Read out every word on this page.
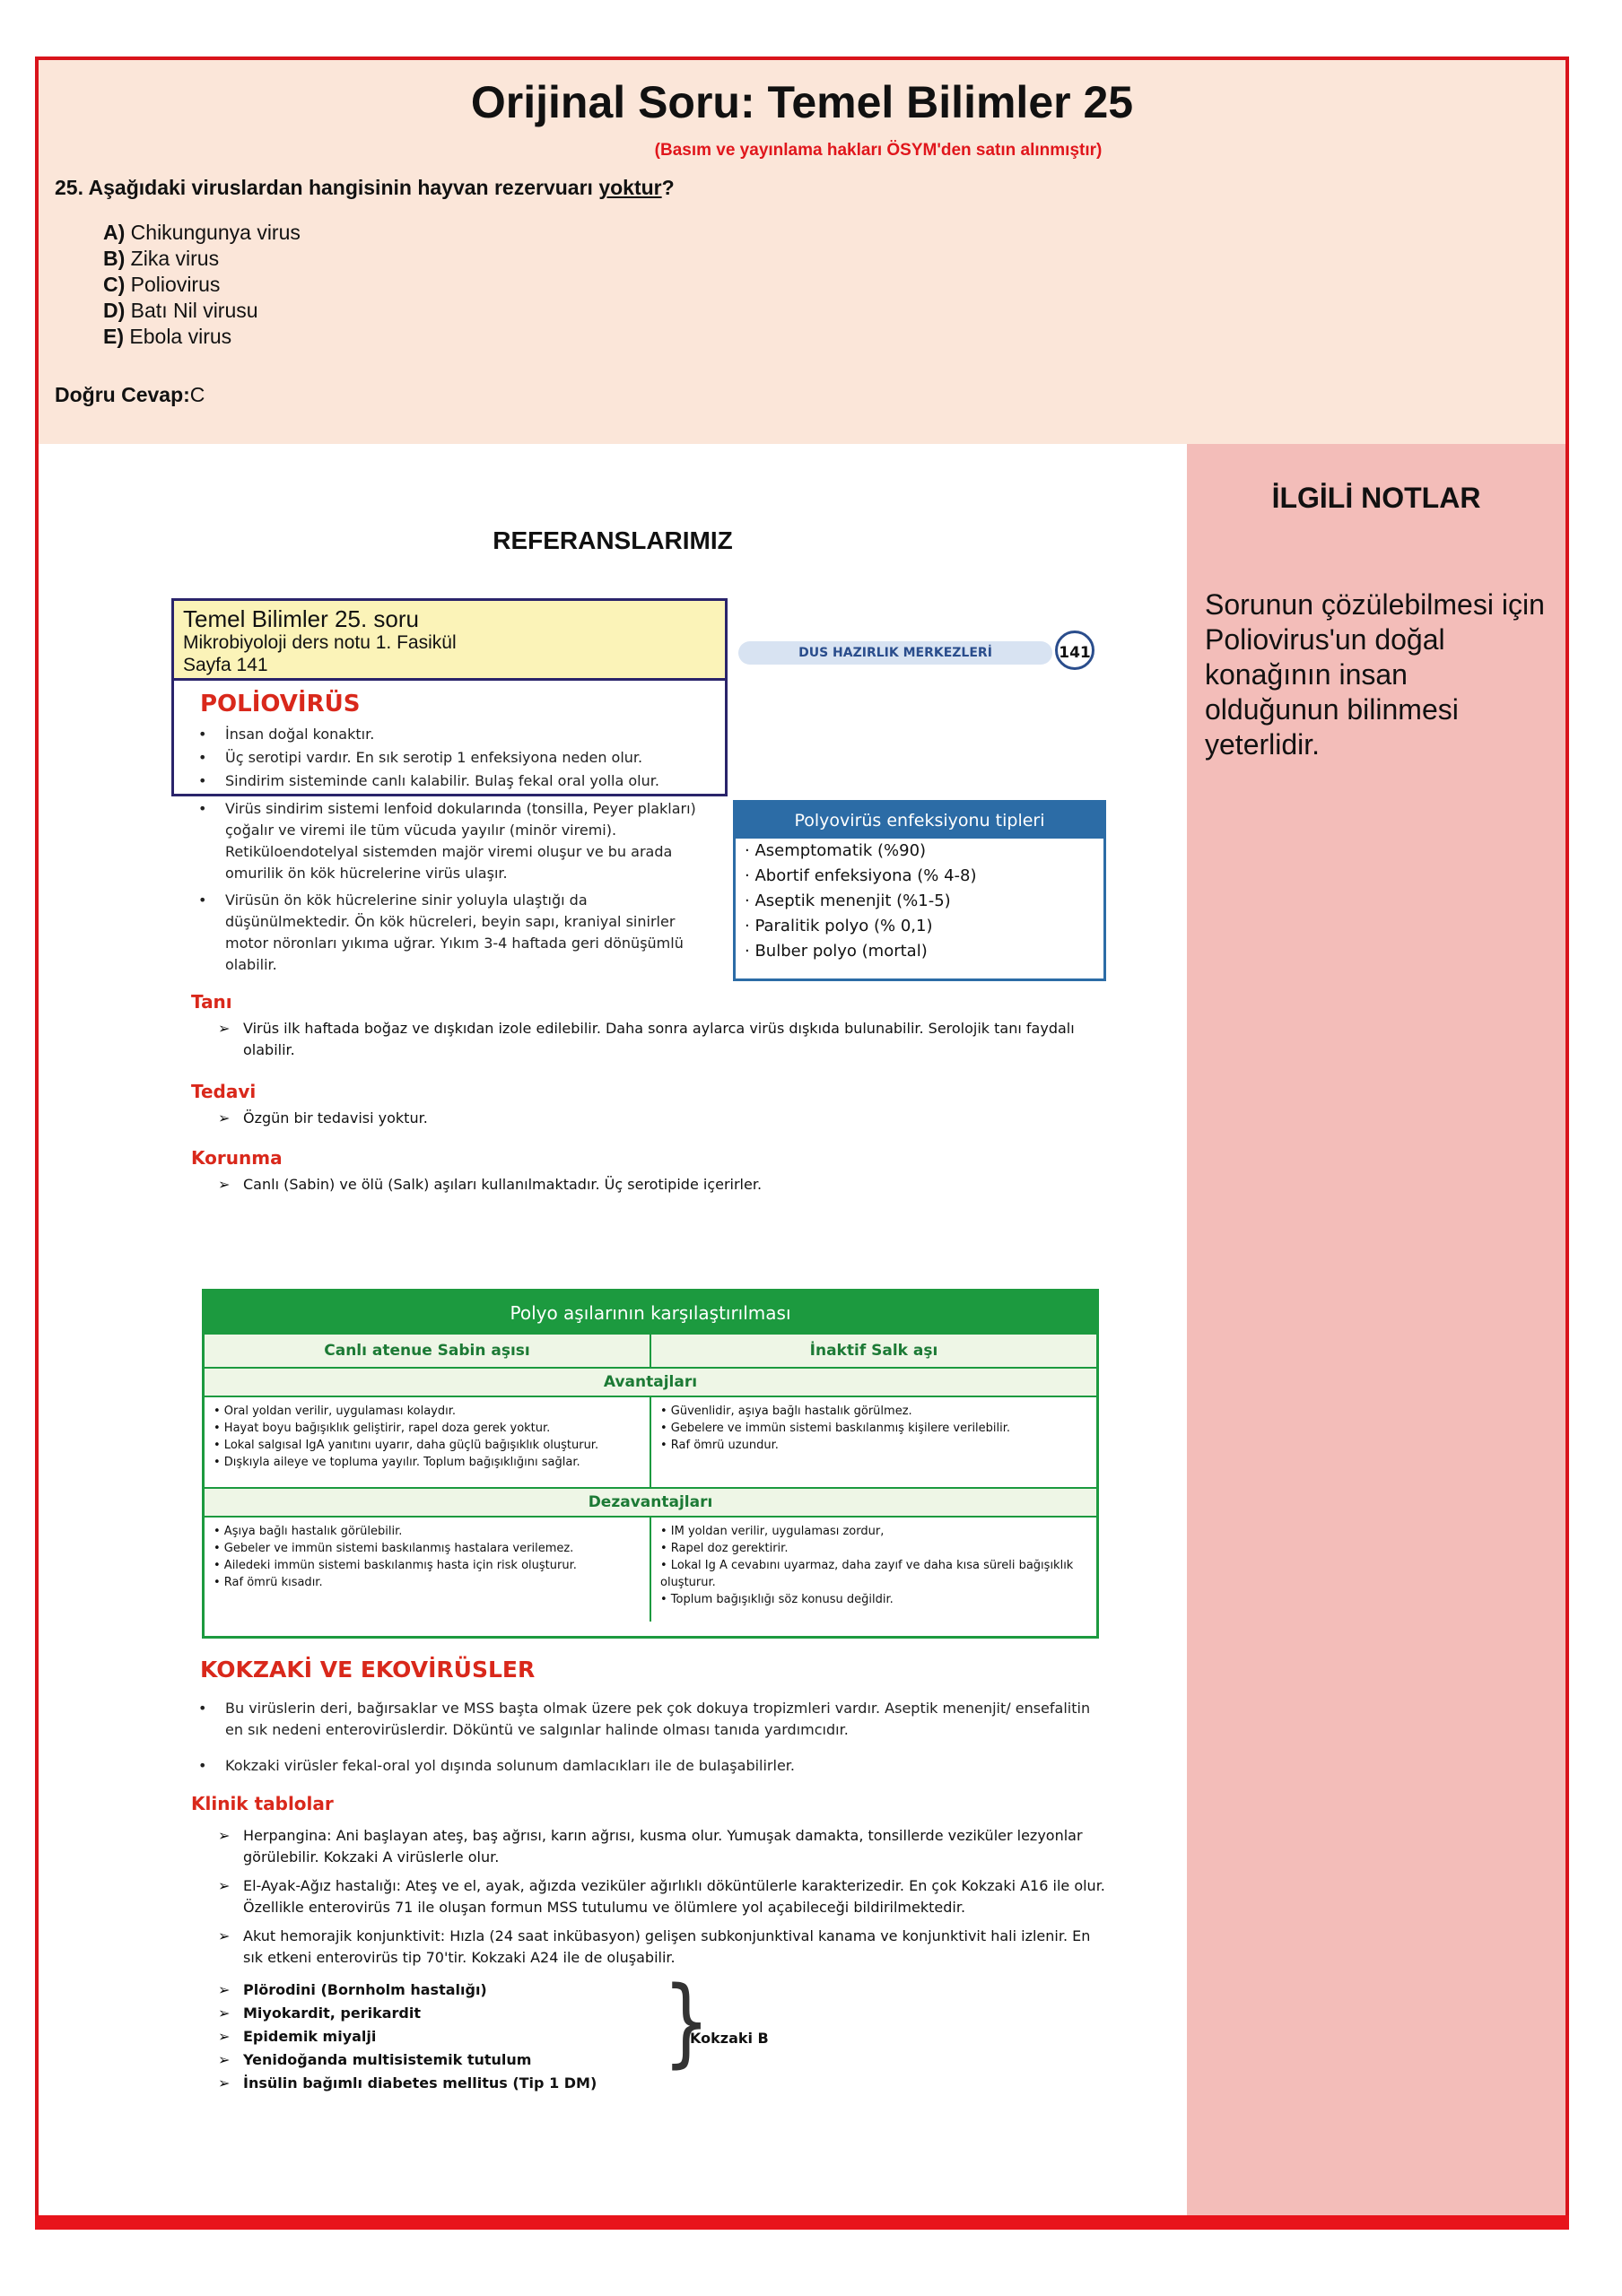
Orijinal Soru: Temel Bilimler 25
(Basım ve yayınlama hakları ÖSYM'den satın alınmıştır)
25. Aşağıdaki viruslardan hangisinin hayvan rezervuarı yoktur?
A) Chikungunya virus
B) Zika virus
C) Poliovirus
D) Batı Nil virusu
E) Ebola virus
Doğru Cevap:C
REFERANSLARIMIZ
Temel Bilimler 25. soru
Mikrobiyoloji ders notu 1. Fasikül
Sayfa 141
DUS HAZIRLIK MERKEZLERİ	141
POLİOVİRÜS
• İnsan doğal konaktır.
• Üç serotipi vardır. En sık serotip 1 enfeksiyona neden olur.
• Sindirim sisteminde canlı kalabilir. Bulaş fekal oral yolla olur.
• Virüs sindirim sistemi lenfoid dokularında (tonsilla, Peyer plakları) çoğalır ve viremi ile tüm vücuda yayılır (minör viremi). Retiküloendotelyal sistemden majör viremi oluşur ve bu arada omurilik ön kök hücrelerine virüs ulaşır.
• Virüsün ön kök hücrelerine sinir yoluyla ulaştığı da düşünülmektedir. Ön kök hücreleri, beyin sapı, kraniyal sinirler motor nöronları yıkıma uğrar. Yıkım 3-4 haftada geri dönüşümlü olabilir.
Polyovirüs enfeksiyonu tipleri
· Asemptomatik (%90)
· Abortif enfeksiyona (% 4-8)
· Aseptik menenjit (%1-5)
· Paralitik polyo (% 0,1)
· Bulber polyo (mortal)
Tanı
➢ Virüs ilk haftada boğaz ve dışkıdan izole edilebilir. Daha sonra aylarca virüs dışkıda bulunabilir. Serolojik tanı faydalı olabilir.
Tedavi
➢ Özgün bir tedavisi yoktur.
Korunma
➢ Canlı (Sabin) ve ölü (Salk) aşıları kullanılmaktadır. Üç serotipide içerirler.
Polyo aşılarının karşılaştırılması
Canlı atenue Sabin aşısı	İnaktif Salk aşı
Avantajları
• Oral yoldan verilir, uygulaması kolaydır.
• Hayat boyu bağışıklık geliştirir, rapel doza gerek yoktur.
• Lokal salgısal IgA yanıtını uyarır, daha güçlü bağışıklık oluşturur.
• Dışkıyla aileye ve topluma yayılır. Toplum bağışıklığını sağlar.
• Güvenlidir, aşıya bağlı hastalık görülmez.
• Gebelere ve immün sistemi baskılanmış kişilere verilebilir.
• Raf ömrü uzundur.
Dezavantajları
• Aşıya bağlı hastalık görülebilir.
• Gebeler ve immün sistemi baskılanmış hastalara verilemez.
• Ailedeki immün sistemi baskılanmış hasta için risk oluşturur.
• Raf ömrü kısadır.
• IM yoldan verilir, uygulaması zordur,
• Rapel doz gerektirir.
• Lokal Ig A cevabını uyarmaz, daha zayıf ve daha kısa süreli bağışıklık oluşturur.
• Toplum bağışıklığı söz konusu değildir.
KOKZAKİ VE EKOVİRÜSLER
• Bu virüslerin deri, bağırsaklar ve MSS başta olmak üzere pek çok dokuya tropizmleri vardır. Aseptik menenjit/ ensefalitin en sık nedeni enterovirüslerdir. Döküntü ve salgınlar halinde olması tanıda yardımcıdır.
• Kokzaki virüsler fekal-oral yol dışında solunum damlacıkları ile de bulaşabilirler.
Klinik tablolar
➢ Herpangina: Ani başlayan ateş, baş ağrısı, karın ağrısı, kusma olur. Yumuşak damakta, tonsillerde veziküler lezyonlar görülebilir. Kokzaki A virüslerle olur.
➢ El-Ayak-Ağız hastalığı: Ateş ve el, ayak, ağızda veziküler ağırlıklı döküntülerle karakterizedir. En çok Kokzaki A16 ile olur. Özellikle enterovirüs 71 ile oluşan formun MSS tutulumu ve ölümlere yol açabileceği bildirilmektedir.
➢ Akut hemorajik konjunktivit: Hızla (24 saat inkübasyon) gelişen subkonjunktival kanama ve konjunktivit hali izlenir. En sık etkeni enterovirüs tip 70'tir. Kokzaki A24 ile de oluşabilir.
➢ Plörodini (Bornholm hastalığı)
➢ Miyokardit, perikardit
➢ Epidemik miyalji
➢ Yenidoğanda multisistemik tutulum
➢ İnsülin bağımlı diabetes mellitus (Tip 1 DM)
}
Kokzaki B
İLGİLİ NOTLAR

Sorunun çözülebilmesi için Poliovirus'un doğal konağının insan olduğunun bilinmesi yeterlidir.
